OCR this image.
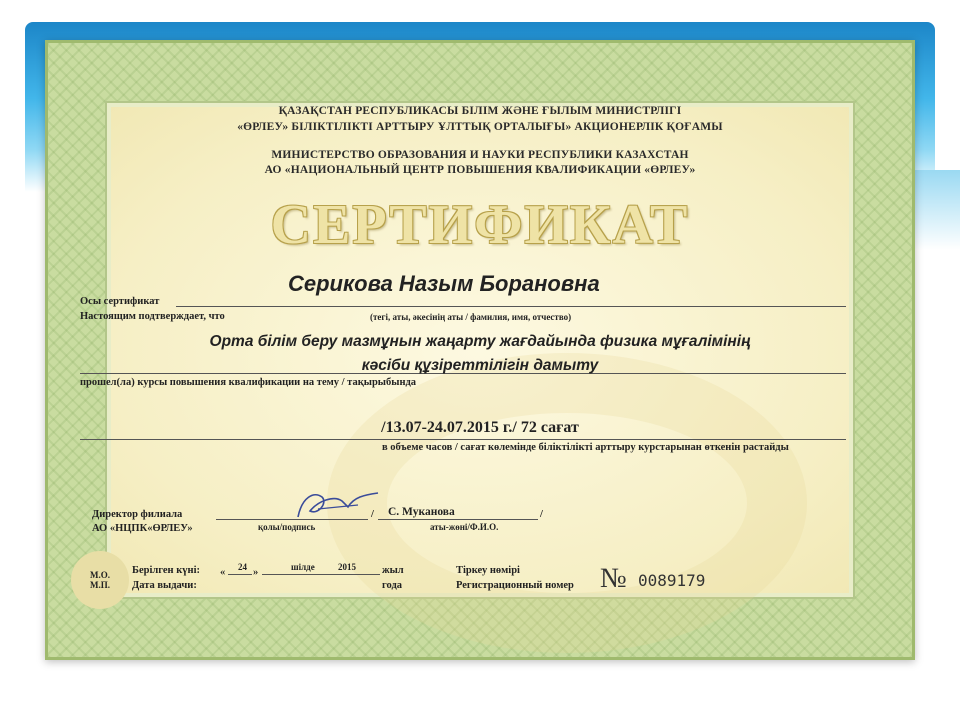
ҚАЗАҚСТАН РЕСПУБЛИКАСЫ БІЛІМ ЖӘНЕ ҒЫЛЫМ МИНИСТРЛІГІ
«ӨРЛЕУ» БІЛІКТІЛІКТІ АРТТЫРУ ҰЛТТЫҚ ОРТАЛЫҒЫ» АКЦИОНЕРЛІК ҚОҒАМЫ
МИНИСТЕРСТВО ОБРАЗОВАНИЯ И НАУКИ РЕСПУБЛИКИ КАЗАХСТАН
АО «НАЦИОНАЛЬНЫЙ ЦЕНТР ПОВЫШЕНИЯ КВАЛИФИКАЦИИ «ӨРЛЕУ»
СЕРТИФИКАТ
Серикова Назым Борановна
Осы сертификат
Настоящим подтверждает, что	(тегі, аты, әкесінің аты / фамилия, имя, отчество)
Орта білім беру мазмұнын жаңарту жағдайында физика мұғалімінің
кәсіби құзіреттілігін дамыту
прошел(ла) курсы повышения квалификации на тему / тақырыбында
/13.07-24.07.2015 г./ 72 сағат
в объеме часов / сағат көлемінде біліктілікті арттыру курстарынан өткенін растайды
Директор филиала
АО «НЦПК«ӨРЛЕУ»	қолы/подпись
/ С. Муканова	/
аты-жөні/Ф.И.О.
М.О.
М.П.
Берілген күні:
Дата выдачи:
« 24 »	шілде	2015 жыл
года
Тіркеу нөмірі
Регистрационный номер № 0089179
